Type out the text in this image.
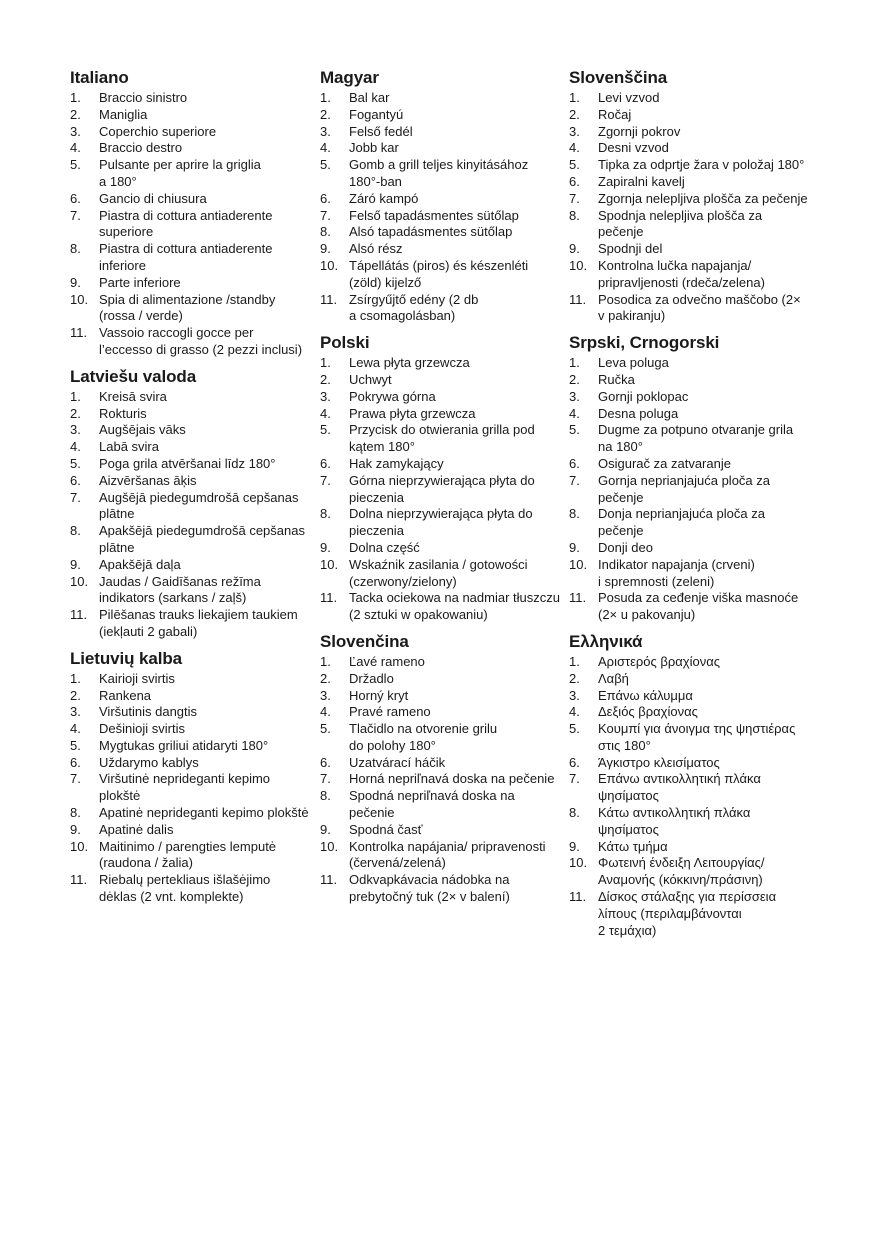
Italiano
1.	Braccio sinistro
2.	Maniglia
3.	Coperchio superiore
4.	Braccio destro
5.	Pulsante per aprire la griglia
a 180°
6.	Gancio di chiusura
7.	Piastra di cottura antiaderente superiore
8.	Piastra di cottura antiaderente inferiore
9.	Parte inferiore
10. Spia di alimentazione /standby (rossa / verde)
11. Vassoio raccogli gocce per l’eccesso di grasso (2 pezzi inclusi)
Latviešu valoda
1.	Kreisā svira
2.	Rokturis
3.	Augšējais vāks
4.	Labā svira
5.	Poga grila atvēršanai līdz 180°
6.	Aizvēršanas āķis
7.	Augšējā piedegumdrošā cepšanas plātne
8.	Apakšējā piedegumdrošā cepšanas plātne
9.	Apakšējā daļa
10. Jaudas / Gaidīšanas režīma indikators (sarkans / zaļš)
11. Pilēšanas trauks liekajiem taukiem (iekļauti 2 gabali)
Lietuvių kalba
1.	Kairioji svirtis
2.	Rankena
3.	Viršutinis dangtis
4.	Dešinioji svirtis
5.	Mygtukas griliui atidaryti 180°
6.	Uždarymo kablys
7.	Viršutinė neprideganti kepimo plokštė
8.	Apatinė neprideganti kepimo plokštė
9.	Apatinė dalis
10. Maitinimo / parengties lemputė (raudona / žalia)
11. Riebalų pertekliaus išlašėjimo dėklas (2 vnt. komplekte)
Magyar
1.	Bal kar
2.	Fogantyú
3.	Felső fedél
4.	Jobb kar
5.	Gomb a grill teljes kinyitásához 180°-ban
6.	Záró kampó
7.	Felső tapadásmentes sütőlap
8.	Alsó tapadásmentes sütőlap
9.	Alsó rész
10. Tápellátás (piros) és készenléti (zöld) kijelző
11. Zsírgyűjtő edény (2 db
a csomagolásban)
Polski
1.	Lewa płyta grzewcza
2.	Uchwyt
3.	Pokrywa górna
4.	Prawa płyta grzewcza
5.	Przycisk do otwierania grilla pod kątem 180°
6.	Hak zamykający
7.	Górna nieprzywierająca płyta do pieczenia
8.	Dolna nieprzywierająca płyta do pieczenia
9.	Dolna część
10. Wskaźnik zasilania / gotowości (czerwony/zielony)
11. Tacka ociekowa na nadmiar tłuszczu (2 sztuki w opakowaniu)
Slovenčina
1.	Ľavé rameno
2.	Držadlo
3.	Horný kryt
4.	Pravé rameno
5.	Tlačidlo na otvorenie grilu
do polohy 180°
6.	Uzatvárací háčik
7.	Horná nepriľnavá doska na pečenie
8.	Spodná nepriľnavá doska na pečenie
9.	Spodná časť
10. Kontrolka napájania/ pripravenosti (červená/zelená)
11. Odkvapkávacia nádobka na prebytočný tuk (2× v balení)
Slovenščina
1.	Levi vzvod
2.	Ročaj
3.	Zgornji pokrov
4.	Desni vzvod
5.	Tipka za odprtje žara v položaj 180°
6.	Zapiralni kavelj
7.	Zgornja neleplјiva plošča za pečenje
8.	Spodnja neleplјiva plošča za pečenje
9.	Spodnji del
10. Kontrolna lučka napajanja/ pripravljenosti (rdeča/zelena)
11. Posodica za odvečno maščobo (2× v pakiranju)
Srpski, Crnogorski
1.	Leva poluga
2.	Ručka
3.	Gornji poklopac
4.	Desna poluga
5.	Dugme za potpuno otvaranje grila na 180°
6.	Osigurač za zatvaranje
7.	Gornja neprianjajuća ploča za pečenje
8.	Donja neprianjajuća ploča za pečenje
9.	Donji deo
10. Indikator napajanja (crveni)
i spremnosti (zeleni)
11. Posuda za ceđenje viška masnoće (2× u pakovanju)
Ελληνικά
1.	Αριστερός βραχίονας
2.	Λαβή
3.	Επάνω κάλυμμα
4.	Δεξιός βραχίονας
5.	Κουμπί για άνοιγμα της ψηστιέρας στις 180°
6.	Άγκιστρο κλεισίματος
7.	Επάνω αντικολλητική πλάκα ψησίματος
8.	Κάτω αντικολλητική πλάκα ψησίματος
9.	Κάτω τμήμα
10. Φωτεινή ένδειξη Λειτουργίας/ Αναμονής (κόκκινη/πράσινη)
11. Δίσκος στάλαξης για περίσσεια λίπους (περιλαμβάνονται
2 τεμάχια)
